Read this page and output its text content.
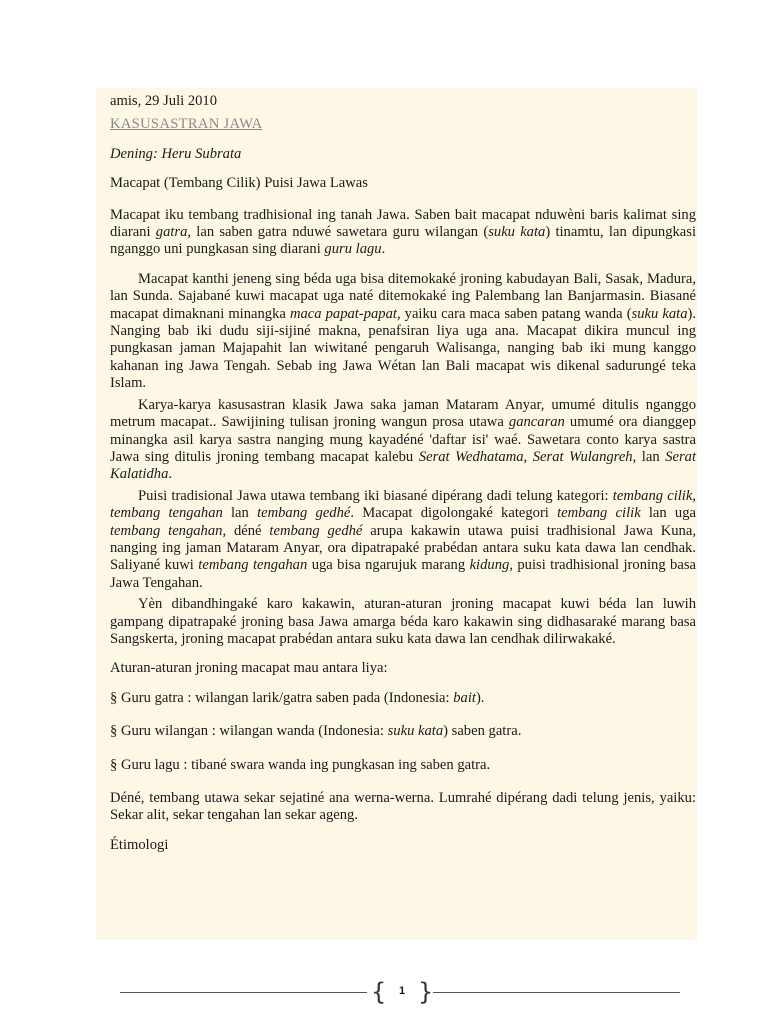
amis, 29 Juli 2010

KASUSASTRAN JAWA

Dening: Heru Subrata

Macapat (Tembang Cilik) Puisi Jawa Lawas

Macapat iku tembang tradhisional ing tanah Jawa. Saben bait macapat nduwèni baris kalimat sing diarani gatra, lan saben gatra nduwé sawetara guru wilangan (suku kata) tinamtu, lan dipungkasi nganggo uni pungkasan sing diarani guru lagu.

Macapat kanthi jeneng sing béda uga bisa ditemokaké jroning kabudayan Bali, Sasak, Madura, lan Sunda. Sajabané kuwi macapat uga naté ditemokaké ing Palembang lan Banjarmasin. Biasané macapat dimaknani minangka maca papat-papat, yaiku cara maca saben patang wanda (suku kata). Nanging bab iki dudu siji-sijiné makna, penafsiran liya uga ana. Macapat dikira muncul ing pungkasan jaman Majapahit lan wiwitané pengaruh Walisanga, nanging bab iki mung kanggo kahanan ing Jawa Tengah. Sebab ing Jawa Wétan lan Bali macapat wis dikenal sadurungé teka Islam.

Karya-karya kasusastran klasik Jawa saka jaman Mataram Anyar, umumé ditulis nganggo metrum macapat.. Sawijining tulisan jroning wangun prosa utawa gancaran umumé ora dianggep minangka asil karya sastra nanging mung kayadéné 'daftar isi' waé. Sawetara conto karya sastra Jawa sing ditulis jroning tembang macapat kalebu Serat Wedhatama, Serat Wulangreh, lan Serat Kalatidha.

Puisi tradisional Jawa utawa tembang iki biasané dipérang dadi telung kategori: tembang cilik, tembang tengahan lan tembang gedhé. Macapat digolongaké kategori tembang cilik lan uga tembang tengahan, déné tembang gedhé arupa kakawin utawa puisi tradhisional Jawa Kuna, nanging ing jaman Mataram Anyar, ora dipatrapaké prabédan antara suku kata dawa lan cendhak. Saliyané kuwi tembang tengahan uga bisa ngarujuk marang kidung, puisi tradhisional jroning basa Jawa Tengahan.

Yèn dibandhingaké karo kakawin, aturan-aturan jroning macapat kuwi béda lan luwih gampang dipatrapaké jroning basa Jawa amarga béda karo kakawin sing didhasaraké marang basa Sangskerta, jroning macapat prabédan antara suku kata dawa lan cendhak dilirwakaké.

Aturan-aturan jroning macapat mau antara liya:

§ Guru gatra : wilangan larik/gatra saben pada (Indonesia: bait).

§ Guru wilangan : wilangan wanda (Indonesia: suku kata) saben gatra.

§ Guru lagu : tibané swara wanda ing pungkasan ing saben gatra.

Déné, tembang utawa sekar sejatiné ana werna-werna. Lumrahé dipérang dadi telung jenis, yaiku: Sekar alit, sekar tengahan lan sekar ageng.

Étimologi

{	1 }
